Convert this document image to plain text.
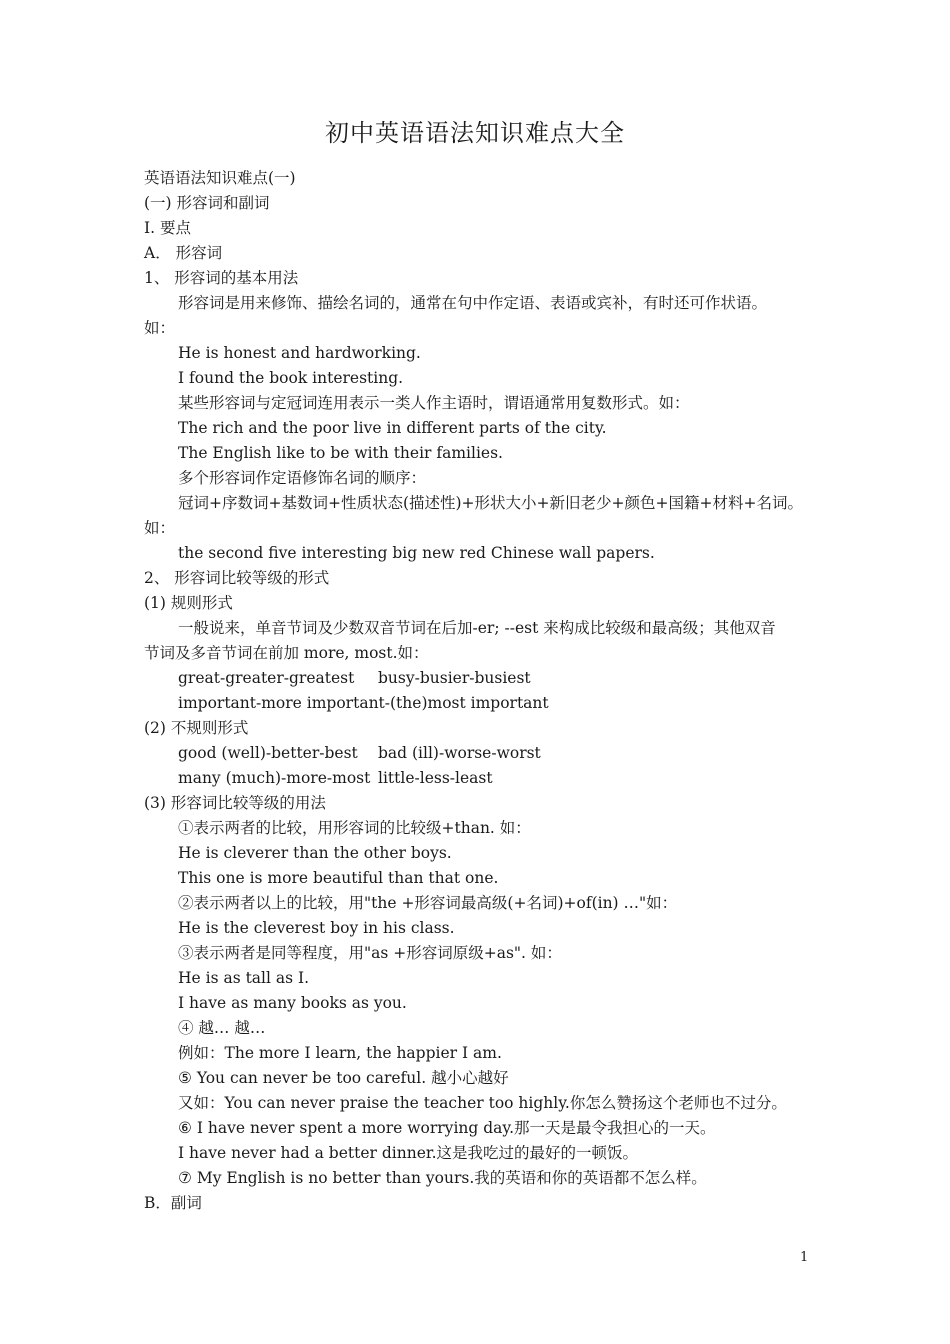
初中英语语法知识难点大全
英语语法知识难点(一)
(一) 形容词和副词
I. 要点
A． 形容词
1、 形容词的基本用法
形容词是用来修饰、描绘名词的，通常在句中作定语、表语或宾补，有时还可作状语。
如：
He is honest and hardworking.
I found the book interesting.
某些形容词与定冠词连用表示一类人作主语时，谓语通常用复数形式。如：
The rich and the poor live in different parts of the city.
The English like to be with their families.
多个形容词作定语修饰名词的顺序：
冠词+序数词+基数词+性质状态(描述性)+形状大小+新旧老少+颜色+国籍+材料+名词。
如：
the second five interesting big new red Chinese wall papers.
2、 形容词比较等级的形式
(1) 规则形式
一般说来，单音节词及少数双音节词在后加-er; --est 来构成比较级和最高级；其他双音
节词及多音节词在前加 more, most.如：
great-greater-greatest busy-busier-busiest
important-more important-(the)most important
(2) 不规则形式
good (well)-better-best bad (ill)-worse-worst
many (much)-more-most little-less-least
(3) 形容词比较等级的用法
①表示两者的比较，用形容词的比较级+than. 如：
He is cleverer than the other boys.
This one is more beautiful than that one.
②表示两者以上的比较，用"the +形容词最高级(+名词)+of(in) …"如：
He is the cleverest boy in his class.
③表示两者是同等程度，用"as +形容词原级+as". 如：
He is as tall as I.
I have as many books as you.
④ 越… 越…
例如：The more I learn, the happier I am.
⑤ You can never be too careful. 越小心越好
又如：You can never praise the teacher too highly.你怎么赞扬这个老师也不过分。
⑥ I have never spent a more worrying day.那一天是最令我担心的一天。
I have never had a better dinner.这是我吃过的最好的一顿饭。
⑦ My English is no better than yours.我的英语和你的英语都不怎么样。
B．副词
1
